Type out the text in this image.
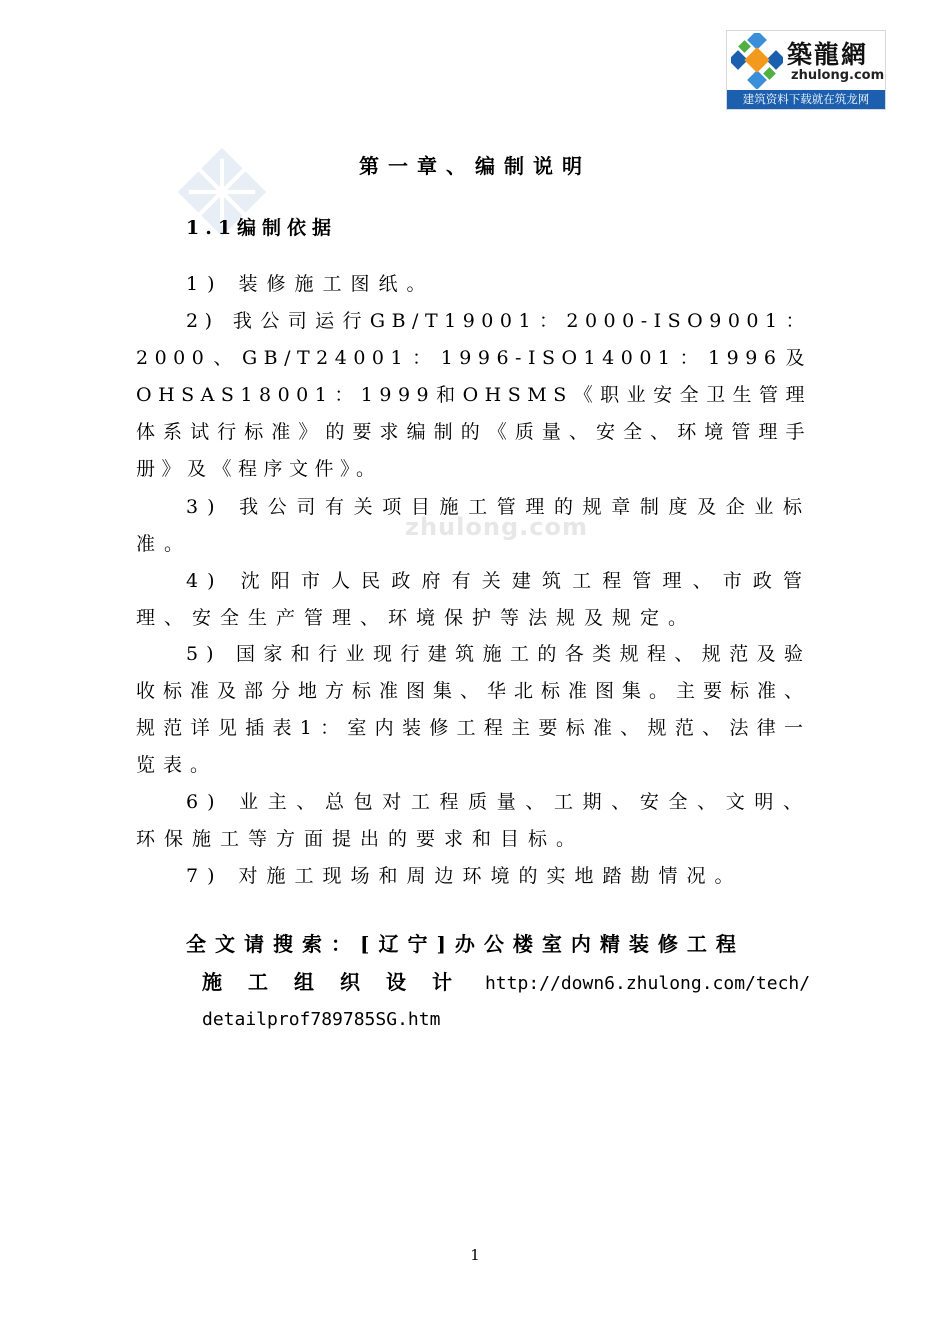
築龍網
zhulong.com
建筑资料下载就在筑龙网
zhulong.com
第一章、编制说明
1.1编制依据

1) 装修施工图纸。

2) 我公司运行GB/T19001：2000-ISO9001：2000、GB/T24001：1996-ISO14001：1996及OHSAS18001：1999和OHSMS《职业安全卫生管理体系试行标准》的要求编制的《质量、安全、环境管理手册》及《程序文件》。

3) 我公司有关项目施工管理的规章制度及企业标准。

4) 沈阳市人民政府有关建筑工程管理、市政管理、安全生产管理、环境保护等法规及规定。

5) 国家和行业现行建筑施工的各类规程、规范及验收标准及部分地方标准图集、华北标准图集。主要标准、规范详见插表1：室内装修工程主要标准、规范、法律一览表。

6) 业主、总包对工程质量、工期、安全、文明、环保施工等方面提出的要求和目标。

7) 对施工现场和周边环境的实地踏勘情况。

全文请搜索：[辽宁]办公楼室内精装修工程

施工组织设计 http://down6.zhulong.com/tech/

detailprof789785SG.htm

1
